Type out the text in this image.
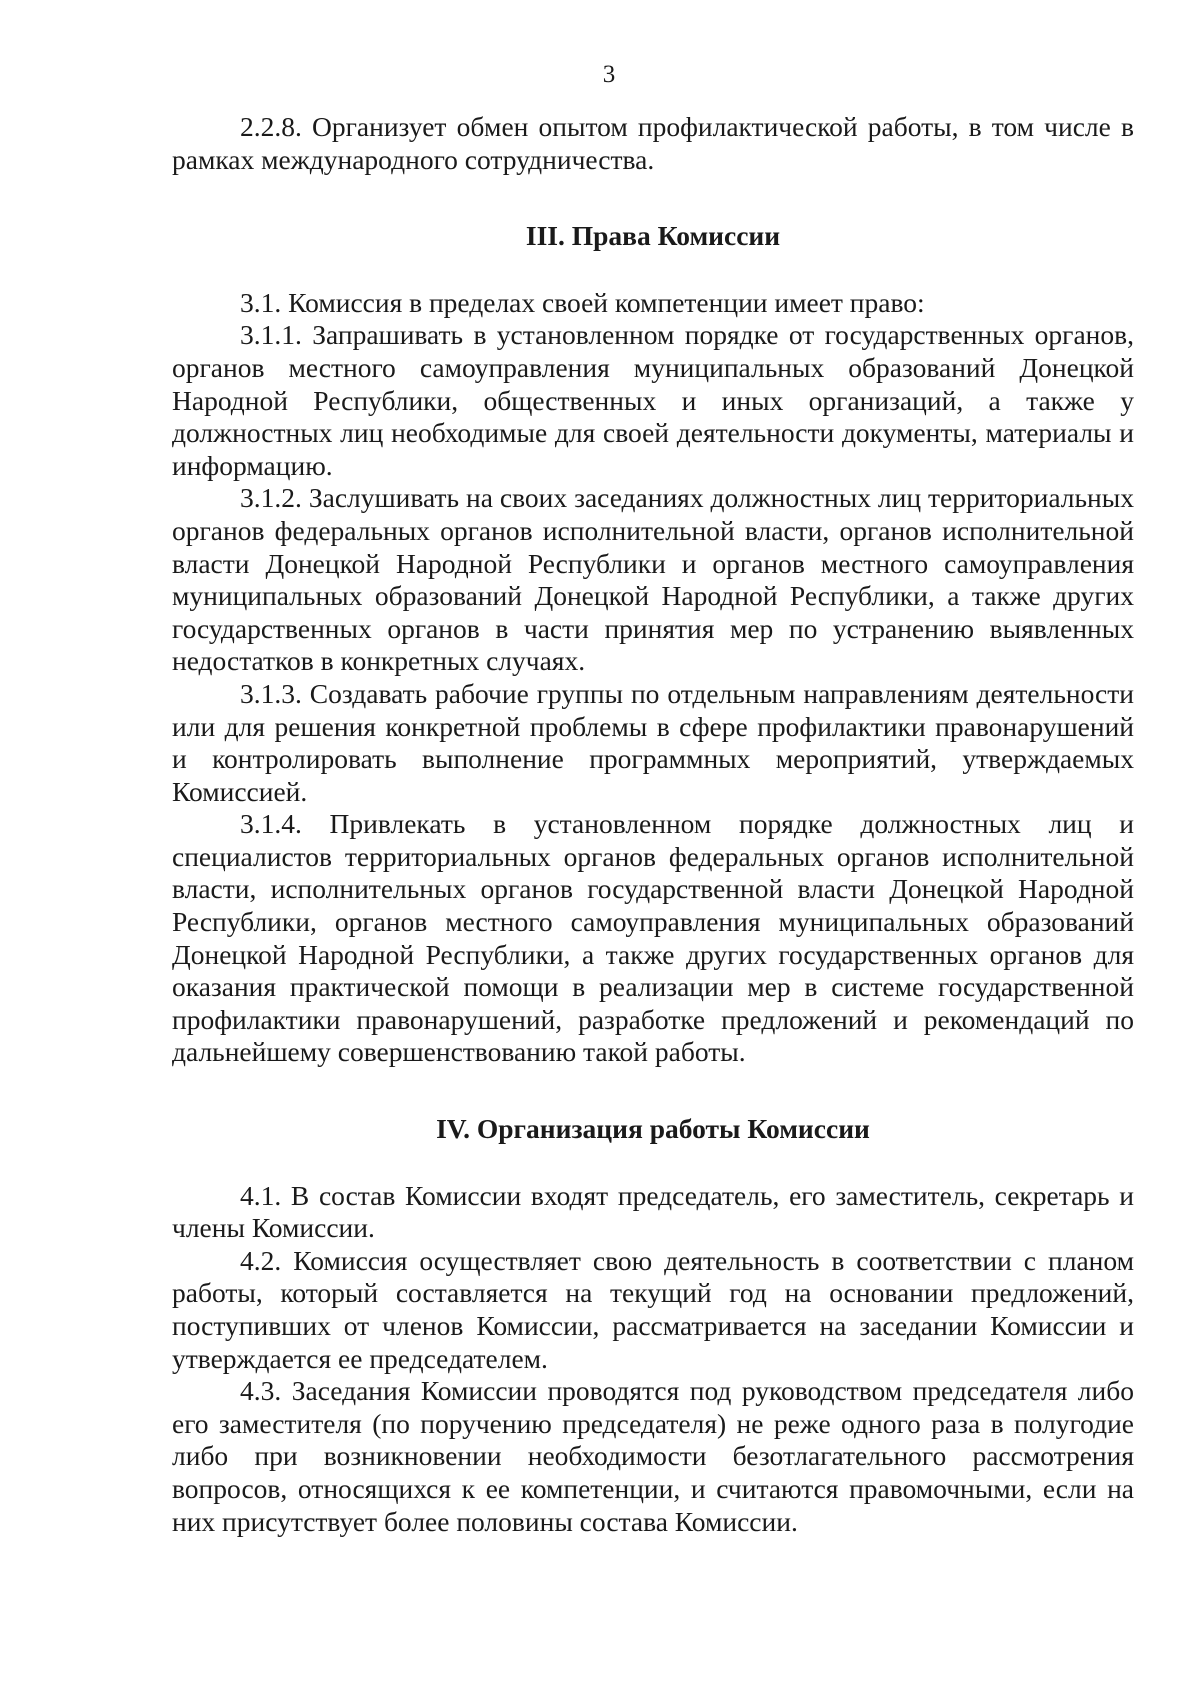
3

2.2.8. Организует обмен опытом профилактической работы, в том числе в рамках международного сотрудничества.

III. Права Комиссии

3.1. Комиссия в пределах своей компетенции имеет право:

3.1.1. Запрашивать в установленном порядке от государственных органов, органов местного самоуправления муниципальных образований Донецкой Народной Республики, общественных и иных организаций, а также у должностных лиц необходимые для своей деятельности документы, материалы и информацию.

3.1.2. Заслушивать на своих заседаниях должностных лиц территориальных органов федеральных органов исполнительной власти, органов исполнительной власти Донецкой Народной Республики и органов местного самоуправления муниципальных образований Донецкой Народной Республики, а также других государственных органов в части принятия мер по устранению выявленных недостатков в конкретных случаях.

3.1.3. Создавать рабочие группы по отдельным направлениям деятельности или для решения конкретной проблемы в сфере профилактики правонарушений и контролировать выполнение программных мероприятий, утверждаемых Комиссией.

3.1.4. Привлекать в установленном порядке должностных лиц и специалистов территориальных органов федеральных органов исполнительной власти, исполнительных органов государственной власти Донецкой Народной Республики, органов местного самоуправления муниципальных образований Донецкой Народной Республики, а также других государственных органов для оказания практической помощи в реализации мер в системе государственной профилактики правонарушений, разработке предложений и рекомендаций по дальнейшему совершенствованию такой работы.

IV. Организация работы Комиссии

4.1. В состав Комиссии входят председатель, его заместитель, секретарь и члены Комиссии.

4.2. Комиссия осуществляет свою деятельность в соответствии с планом работы, который составляется на текущий год на основании предложений, поступивших от членов Комиссии, рассматривается на заседании Комиссии и утверждается ее председателем.

4.3. Заседания Комиссии проводятся под руководством председателя либо его заместителя (по поручению председателя) не реже одного раза в полугодие либо при возникновении необходимости безотлагательного рассмотрения вопросов, относящихся к ее компетенции, и считаются правомочными, если на них присутствует более половины состава Комиссии.
